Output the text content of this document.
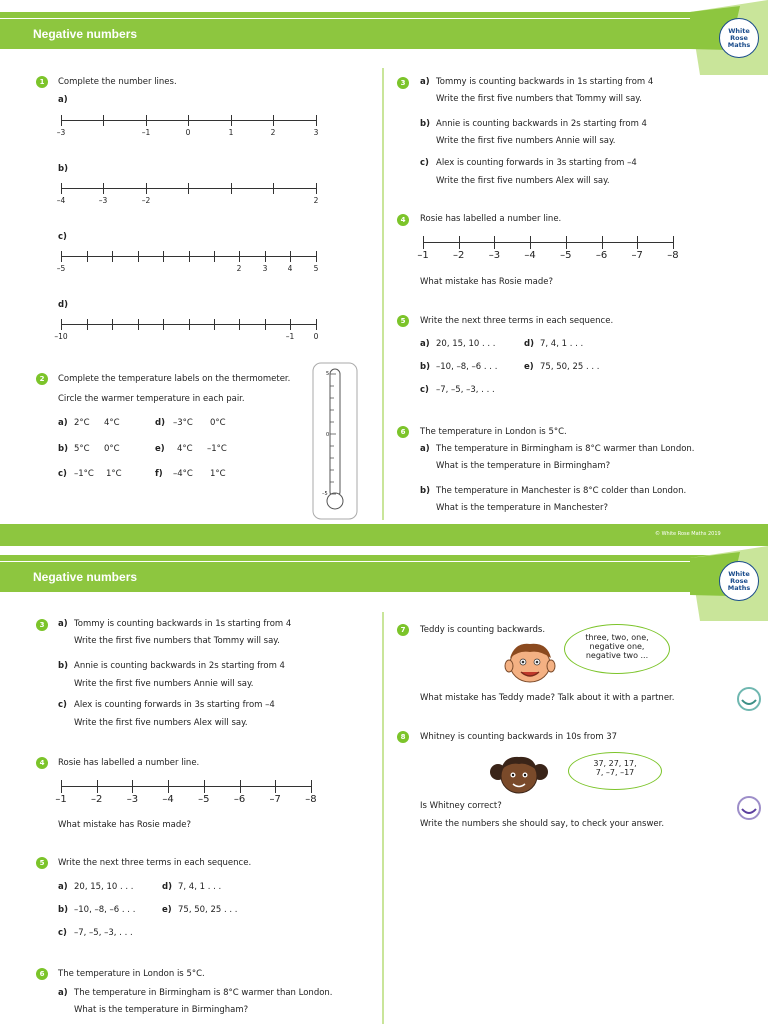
Negative numbers	White Rose Maths
1	Complete the number lines.
a)
b)
c)
d)
–3	–1	0	1	2	3
–4	–3	–2	2
–5	2	3	4	5
–10	–1	0
2	Complete the temperature labels on the thermometer.
Circle the warmer temperature in each pair.
a) 2°C 4°C
b) 5°C 0°C
c) –1°C 1°C
d) –3°C 0°C
e) 4°C –1°C
f) –4°C 1°C
5
0
–5
3	a) Tommy is counting backwards in 1s starting from 4
Write the first five numbers that Tommy will say.
b) Annie is counting backwards in 2s starting from 4
Write the first five numbers Annie will say.
c) Alex is counting forwards in 3s starting from –4
Write the first five numbers Alex will say.
4	Rosie has labelled a number line.
–1 –2 –3 –4 –5 –6 –7 –8
What mistake has Rosie made?
5	Write the next three terms in each sequence.
a) 20, 15, 10 . . .
b) –10, –8, –6 . . .
c) –7, –5, –3, . . .
d) 7, 4, 1 . . .
e) 75, 50, 25 . . .
6	The temperature in London is 5°C.
a) The temperature in Birmingham is 8°C warmer than London.
What is the temperature in Birmingham?
b) The temperature in Manchester is 8°C colder than London.
What is the temperature in Manchester?
© White Rose Maths 2019
Negative numbers	White Rose Maths
3	a) Tommy is counting backwards in 1s starting from 4
Write the first five numbers that Tommy will say.
b) Annie is counting backwards in 2s starting from 4
Write the first five numbers Annie will say.
c) Alex is counting forwards in 3s starting from –4
Write the first five numbers Alex will say.
4	Rosie has labelled a number line.
–1 –2 –3 –4 –5 –6 –7 –8
What mistake has Rosie made?
5	Write the next three terms in each sequence.
a) 20, 15, 10 . . .
b) –10, –8, –6 . . .
c) –7, –5, –3, . . .
d) 7, 4, 1 . . .
e) 75, 50, 25 . . .
6	The temperature in London is 5°C.
a) The temperature in Birmingham is 8°C warmer than London.
What is the temperature in Birmingham?
7	Teddy is counting backwards.
three, two, one,
negative one,
negative two ...
What mistake has Teddy made? Talk about it with a partner.
8	Whitney is counting backwards in 10s from 37
37, 27, 17,
7, –7, –17
Is Whitney correct?
Write the numbers she should say, to check your answer.
